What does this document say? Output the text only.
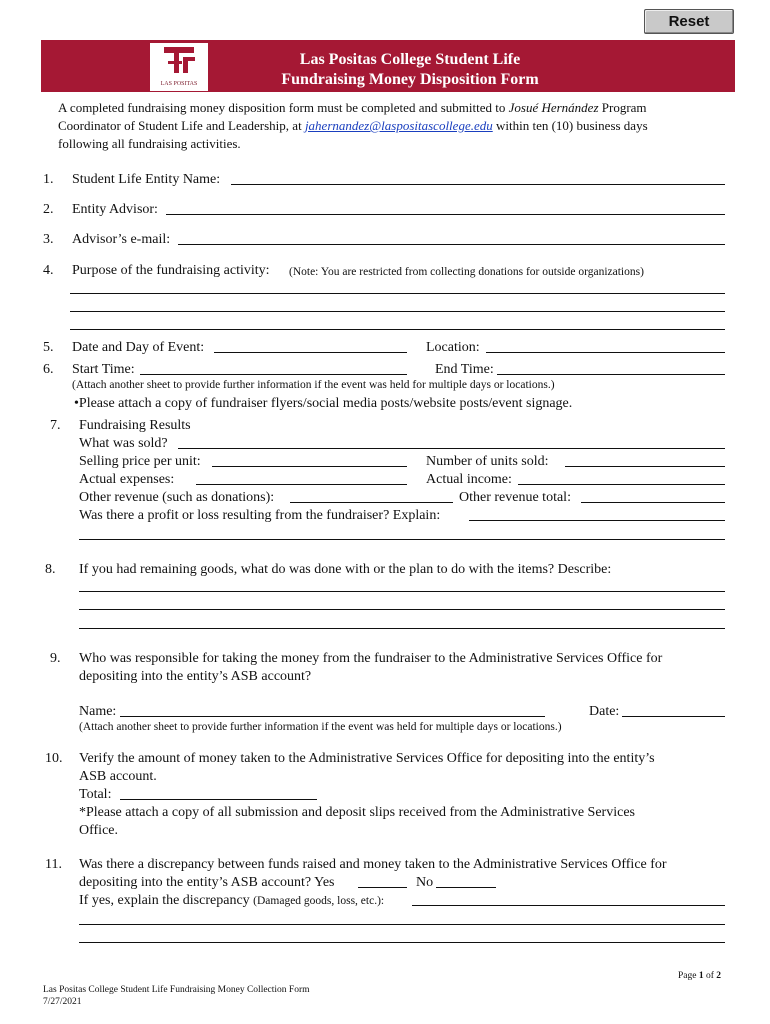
Reset
LAS POSITAS
Las Positas College Student Life
Fundraising Money Disposition Form
A completed fundraising money disposition form must be completed and submitted to Josué Hernández Program
Coordinator of Student Life and Leadership, at jahernandez@laspositascollege.edu within ten (10) business days
following all fundraising activities.
1. Student Life Entity Name:
2. Entity Advisor:
3. Advisor’s e-mail:
4. Purpose of the fundraising activity: (Note: You are restricted from collecting donations for outside organizations)
5. Date and Day of Event:	Location:
6. Start Time:	End Time:
(Attach another sheet to provide further information if the event was held for multiple days or locations.)
•Please attach a copy of fundraiser flyers/social media posts/website posts/event signage.
7. Fundraising Results
What was sold?
Selling price per unit:	Number of units sold:
Actual expenses:	Actual income:
Other revenue (such as donations):	Other revenue total:
Was there a profit or loss resulting from the fundraiser? Explain:
8. If you had remaining goods, what do was done with or the plan to do with the items? Describe:
9. Who was responsible for taking the money from the fundraiser to the Administrative Services Office for
depositing into the entity’s ASB account?
Name:	Date:
(Attach another sheet to provide further information if the event was held for multiple days or locations.)
10. Verify the amount of money taken to the Administrative Services Office for depositing into the entity’s
ASB account.
Total:
*Please attach a copy of all submission and deposit slips received from the Administrative Services
Office.
11. Was there a discrepancy between funds raised and money taken to the Administrative Services Office for
depositing into the entity’s ASB account? Yes	No
If yes, explain the discrepancy (Damaged goods, loss, etc.):
Page 1 of 2
Las Positas College Student Life Fundraising Money Collection Form
7/27/2021
